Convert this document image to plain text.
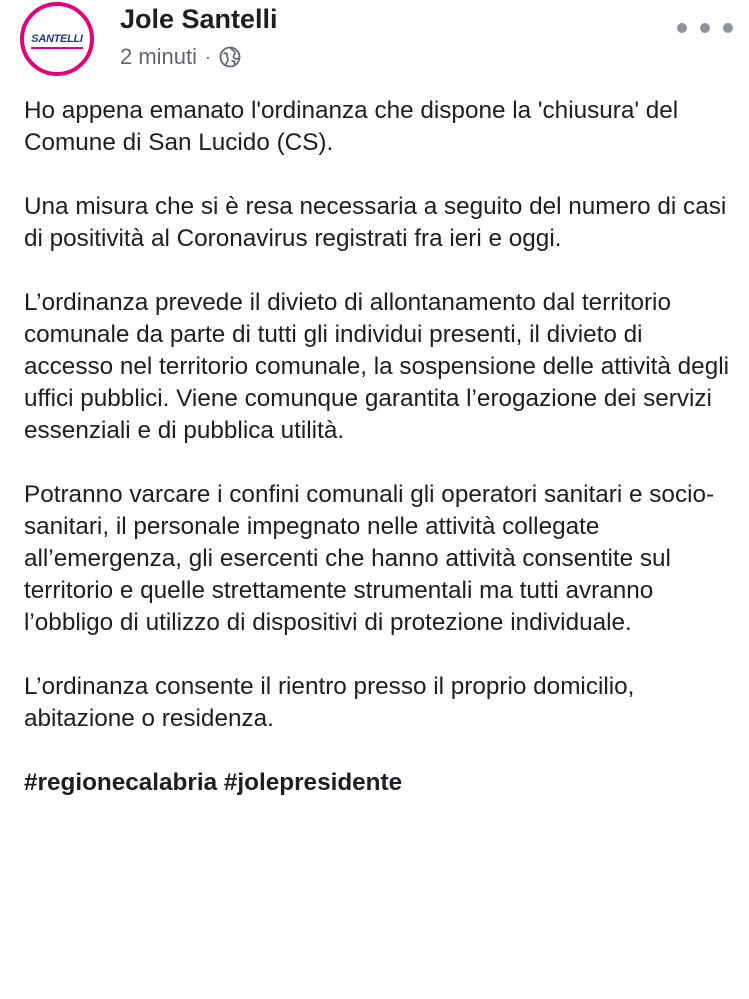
SANTELLI
Jole Santelli
2 minuti ·

Ho appena emanato l'ordinanza che dispone la 'chiusura' del Comune di San Lucido (CS).

Una misura che si è resa necessaria a seguito del numero di casi di positività al Coronavirus registrati fra ieri e oggi.

L’ordinanza prevede il divieto di allontanamento dal territorio comunale da parte di tutti gli individui presenti, il divieto di accesso nel territorio comunale, la sospensione delle attività degli uffici pubblici. Viene comunque garantita l’erogazione dei servizi essenziali e di pubblica utilità.

Potranno varcare i confini comunali gli operatori sanitari e socio-sanitari, il personale impegnato nelle attività collegate all’emergenza, gli esercenti che hanno attività consentite sul territorio e quelle strettamente strumentali ma tutti avranno l’obbligo di utilizzo di dispositivi di protezione individuale.

L’ordinanza consente il rientro presso il proprio domicilio, abitazione o residenza.

#regionecalabria #jolepresidente
